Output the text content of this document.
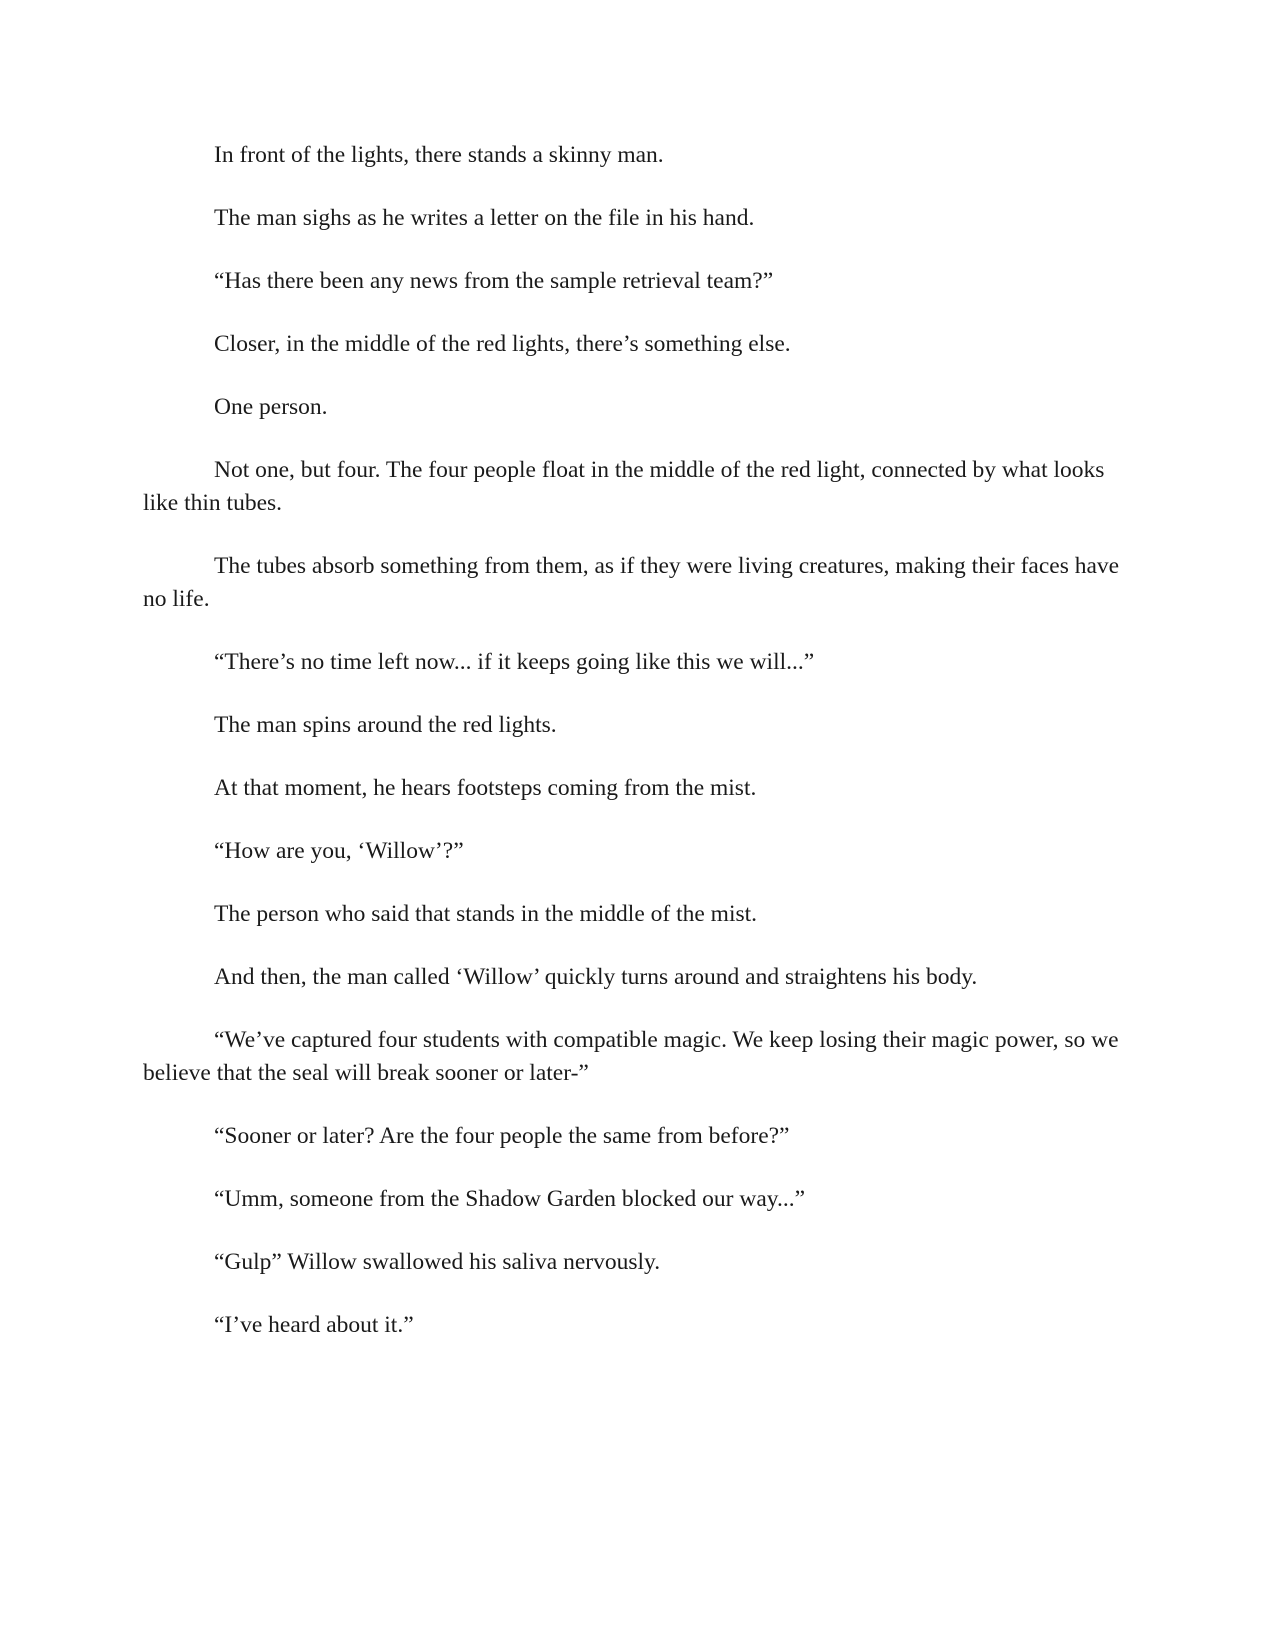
In front of the lights, there stands a skinny man.

The man sighs as he writes a letter on the file in his hand.

“Has there been any news from the sample retrieval team?”

Closer, in the middle of the red lights, there’s something else.

One person.

Not one, but four. The four people float in the middle of the red light, connected by what looks like thin tubes.

The tubes absorb something from them, as if they were living creatures, making their faces have no life.

“There’s no time left now... if it keeps going like this we will...”

The man spins around the red lights.

At that moment, he hears footsteps coming from the mist.

“How are you, ‘Willow’?”

The person who said that stands in the middle of the mist.

And then, the man called ‘Willow’ quickly turns around and straightens his body.

“We’ve captured four students with compatible magic. We keep losing their magic power, so we believe that the seal will break sooner or later-”

“Sooner or later? Are the four people the same from before?”

“Umm, someone from the Shadow Garden blocked our way...”

“Gulp” Willow swallowed his saliva nervously.

“I’ve heard about it.”
